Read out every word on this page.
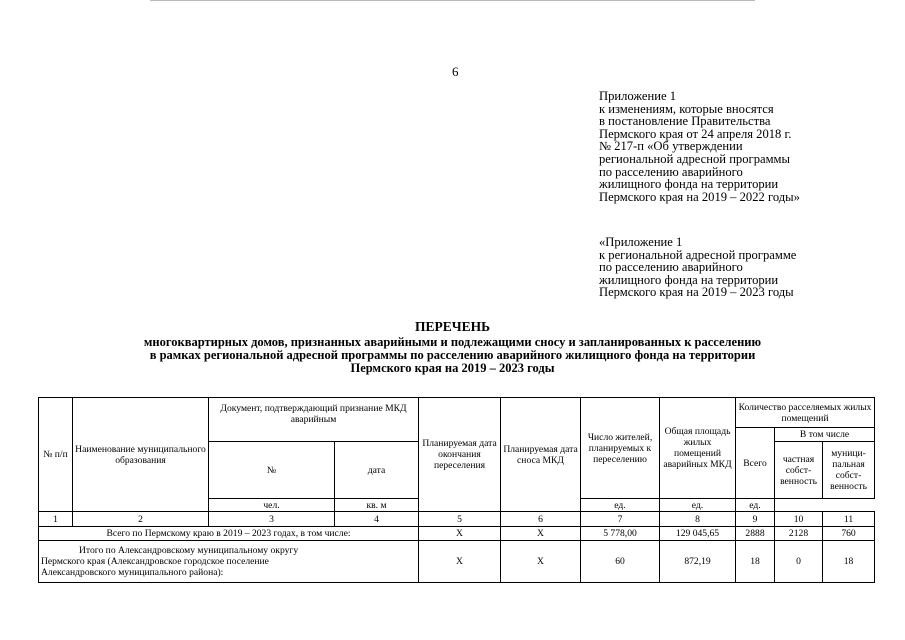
6
Приложение 1
к изменениям, которые вносятся
в постановление Правительства
Пермского края от 24 апреля 2018 г.
№ 217-п «Об утверждении
региональной адресной программы
по расселению аварийного
жилищного фонда на территории
Пермского края на 2019 – 2022 годы»
«Приложение 1
к региональной адресной программе
по расселению аварийного
жилищного фонда на территории
Пермского края на 2019 – 2023 годы
ПЕРЕЧЕНЬ
многоквартирных домов, признанных аварийными и подлежащими сносу и запланированных к расселению
в рамках региональной адресной программы по расселению аварийного жилищного фонда на территории
Пермского края на 2019 – 2023 годы
№ п/п	Наименование муниципального образования	Документ, подтверждающий признание МКД аварийным		Планируемая дата окончания переселения	Планируемая дата сноса МКД	Число жителей, планируемых к переселению	Общая площадь жилых помещений аварийных МКД	Количество расселяемых жилых помещений		
								Всего	В том числе	
		№	дата						частная собст- венность	муници- пальная собст- венность
		чел.	кв. м			ед.	ед.	ед.		
1	2	3	4	5	6	7	8	9	10	11
Всего по Пермскому краю в 2019 – 2023 годах, в том числе:				X	X	5 778,00	129 045,65	2888	2128	760

Итого по Александровскому муниципальному округу
Пермского края (Александровское городское поселение
Александровского муниципального района):				X	X	60	872,19	18	0	18
